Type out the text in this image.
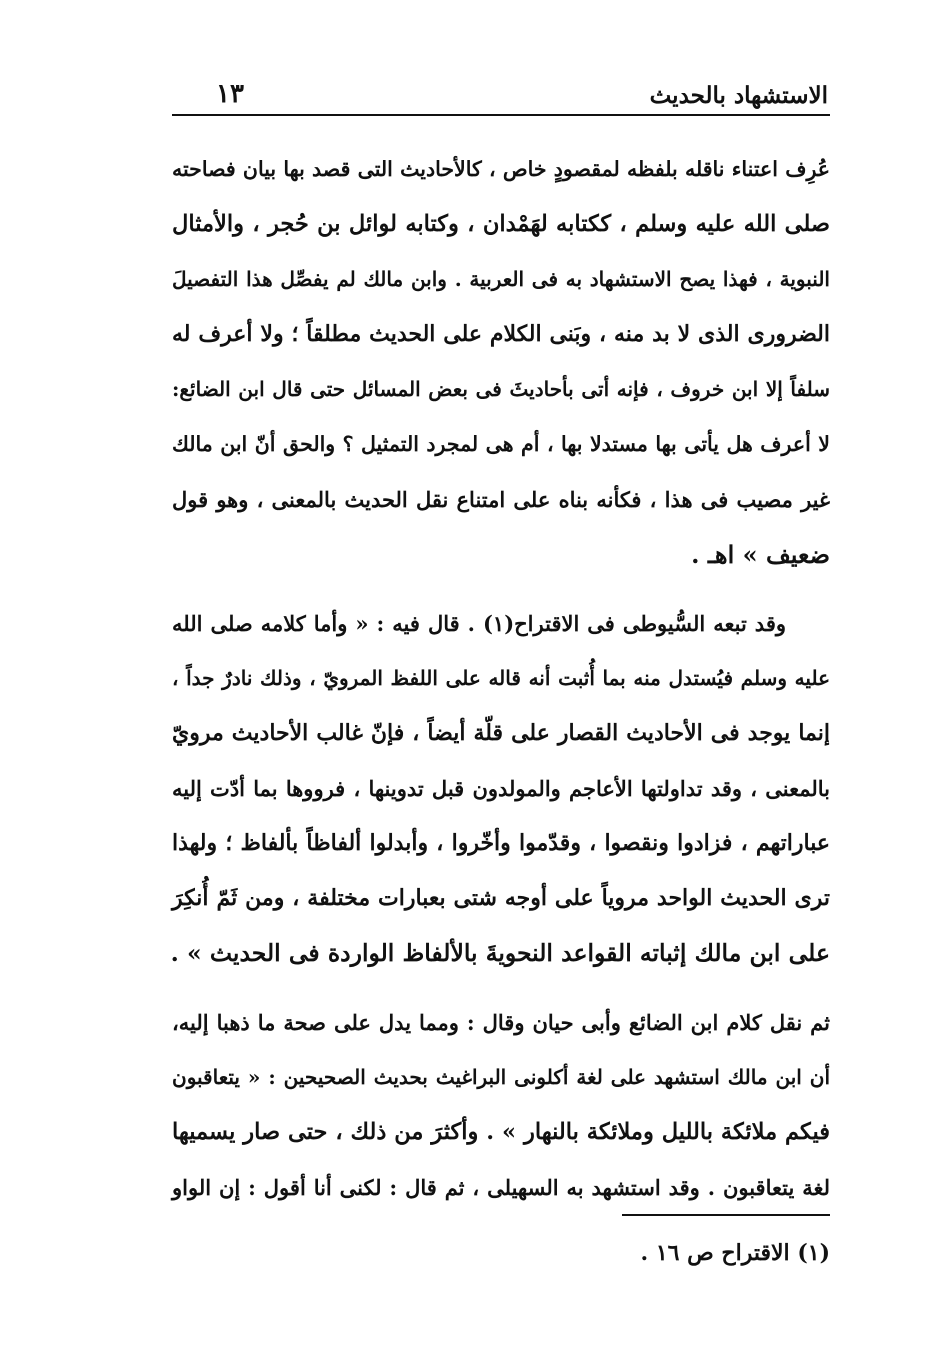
الاستشهاد بالحديث
١٣
عُرِف اعتناء ناقله بلفظه لمقصودٍ خاص ، كالأحاديث التى قصد بها بيان فصاحته
صلى الله عليه وسلم ، ككتابه لهَمْدان ، وكتابه لوائل بن حُجر ، والأمثال
النبوية ، فهذا يصح الاستشهاد به فى العربية . وابن مالك لم يفصِّل هذا التفصيلَ
الضرورى الذى لا بد منه ، وبَنى الكلام على الحديث مطلقاً ؛ ولا أعرف له
سلفاً إلا ابن خروف ، فإنه أتى بأحاديثَ فى بعض المسائل حتى قال ابن الضائع:
لا أعرف هل يأتى بها مستدلا بها ، أم هى لمجرد التمثيل ؟ والحق أنّ ابن مالك
غير مصيب فى هذا ، فكأنه بناه على امتناع نقل الحديث بالمعنى ، وهو قول
ضعيف » اهـ .
وقد تبعه السُّيوطى فى الاقتراح(١) . قال فيه : « وأما كلامه صلى الله
عليه وسلم فيُستدل منه بما أُثبت أنه قاله على اللفظ المرويّ ، وذلك نادرٌ جداً ،
إنما يوجد فى الأحاديث القصار على قلّة أيضاً ، فإنّ غالب الأحاديث مرويّ
بالمعنى ، وقد تداولتها الأعاجم والمولدون قبل تدوينها ، فرووها بما أدّت إليه
عباراتهم ، فزادوا ونقصوا ، وقدّموا وأخّروا ، وأبدلوا ألفاظاً بألفاظ ؛ ولهذا
ترى الحديث الواحد مروياً على أوجه شتى بعبارات مختلفة ، ومن ثَمّ أُنكِرَ
على ابن مالك إثباته القواعد النحويةَ بالألفاظ الواردة فى الحديث » .
ثم نقل كلام ابن الضائع وأبى حيان وقال : ومما يدل على صحة ما ذهبا إليه،
أن ابن مالك استشهد على لغة أكلونى البراغيث بحديث الصحيحين : « يتعاقبون
فيكم ملائكة بالليل وملائكة بالنهار » . وأكثرَ من ذلك ، حتى صار يسميها
لغة يتعاقبون . وقد استشهد به السهيلى ، ثم قال : لكنى أنا أقول : إن الواو
(١) الاقتراح ص ١٦ .
